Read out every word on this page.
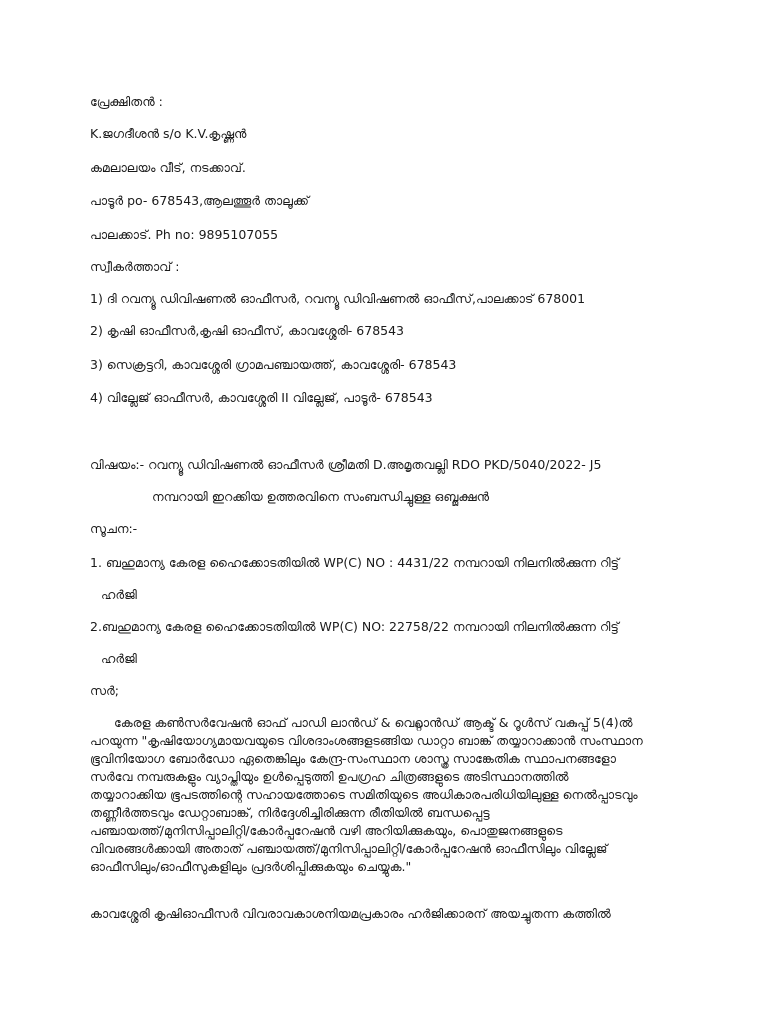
പ്രേക്ഷിതൻ :
K.ജഗദീശൻ s/o K.V.കൃഷ്ണൻ
കമലാലയം വീട്, നടക്കാവ്.
പാടൂർ po- 678543,ആലത്തൂർ താലൂക്ക്
പാലക്കാട്. Ph no: 9895107055
സ്വീകർത്താവ് :
1) ദി റവന്യൂ ഡിവിഷണൽ ഓഫീസർ, റവന്യൂ ഡിവിഷണൽ ഓഫീസ്,പാലക്കാട് 678001
2) കൃഷി ഓഫീസർ,കൃഷി ഓഫീസ്, കാവശ്ശേരി- 678543
3) സെക്രട്ടറി, കാവശ്ശേരി ഗ്രാമപഞ്ചായത്ത്, കാവശ്ശേരി- 678543
4) വില്ലേജ് ഓഫീസർ, കാവശ്ശേരി II വില്ലേജ്, പാടൂർ- 678543
വിഷയം:- റവന്യൂ ഡിവിഷണൽ ഓഫീസർ ശ്രീമതി D.അമൃതവല്ലി RDO PKD/5040/2022- J5
നമ്പറായി ഇറക്കിയ ഉത്തരവിനെ സംബന്ധിച്ചുള്ള ഒബ്ജക്ഷൻ
സൂചന:-
1. ബഹുമാന്യ കേരള ഹൈക്കോടതിയിൽ WP(C) NO : 4431/22 നമ്പറായി നിലനിൽക്കുന്ന റിട്ട്
ഹർജി
2.ബഹുമാന്യ കേരള ഹൈക്കോടതിയിൽ WP(C) NO: 22758/22 നമ്പറായി നിലനിൽക്കുന്ന റിട്ട്
ഹർജി
സർ;
കേരള കൺസർവേഷൻ ഓഫ് പാഡി ലാൻഡ് & വെറ്റ്ലാൻഡ് ആക്ട് & റൂൾസ് വകുപ്പ് 5(4)ൽ
പറയുന്ന "കൃഷിയോഗ്യമായവയുടെ വിശദാംശങ്ങളടങ്ങിയ ഡാറ്റാ ബാങ്ക് തയ്യാറാക്കാൻ സംസ്ഥാന
ഭൂവിനിയോഗ ബോർഡോ ഏതെങ്കിലും കേന്ദ്ര-സംസ്ഥാന ശാസ്ത്ര സാങ്കേതിക സ്ഥാപനങ്ങളോ
സർവേ നമ്പരുകളും വ്യാപ്തിയും ഉൾപ്പെടുത്തി ഉപഗ്രഹ ചിത്രങ്ങളുടെ അടിസ്ഥാനത്തിൽ
തയ്യാറാക്കിയ ഭൂപടത്തിന്റെ സഹായത്തോടെ സമിതിയുടെ അധികാരപരിധിയിലുള്ള നെൽപ്പാടവും
തണ്ണീർത്തടവും ഡേറ്റാബാങ്ക്, നിർദ്ദേശിച്ചിരിക്കുന്ന രീതിയിൽ ബന്ധപ്പെട്ട
പഞ്ചായത്ത്/മുനിസിപ്പാലിറ്റി/കോർപ്പറേഷൻ വഴി അറിയിക്കുകയും, പൊതുജനങ്ങളുടെ
വിവരങ്ങൾക്കായി അതാത് പഞ്ചായത്ത്/മുനിസിപ്പാലിറ്റി/കോർപ്പറേഷൻ ഓഫീസിലും വില്ലേജ്
ഓഫീസിലും/ഓഫീസുകളിലും പ്രദർശിപ്പിക്കുകയും ചെയ്യുക."
കാവശ്ശേരി കൃഷിഓഫീസർ വിവരാവകാശനിയമപ്രകാരം ഹർജിക്കാരന് അയച്ചുതന്ന കത്തിൽ
